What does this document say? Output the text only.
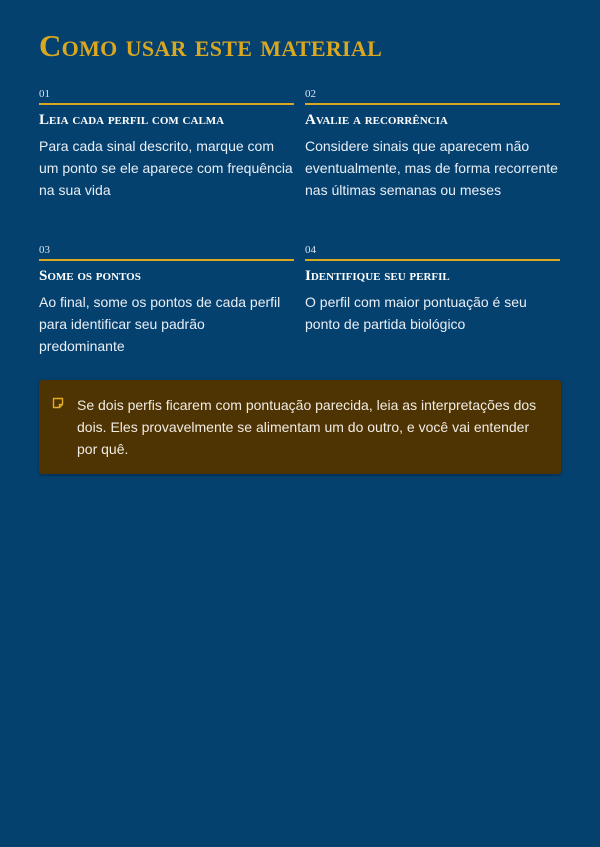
Como usar este material
01
Leia cada perfil com calma
Para cada sinal descrito, marque com um ponto se ele aparece com frequência na sua vida
02
Avalie a recorrência
Considere sinais que aparecem não eventualmente, mas de forma recorrente nas últimas semanas ou meses
03
Some os pontos
Ao final, some os pontos de cada perfil para identificar seu padrão predominante
04
Identifique seu perfil
O perfil com maior pontuação é seu ponto de partida biológico
Se dois perfis ficarem com pontuação parecida, leia as interpretações dos dois. Eles provavelmente se alimentam um do outro, e você vai entender por quê.
